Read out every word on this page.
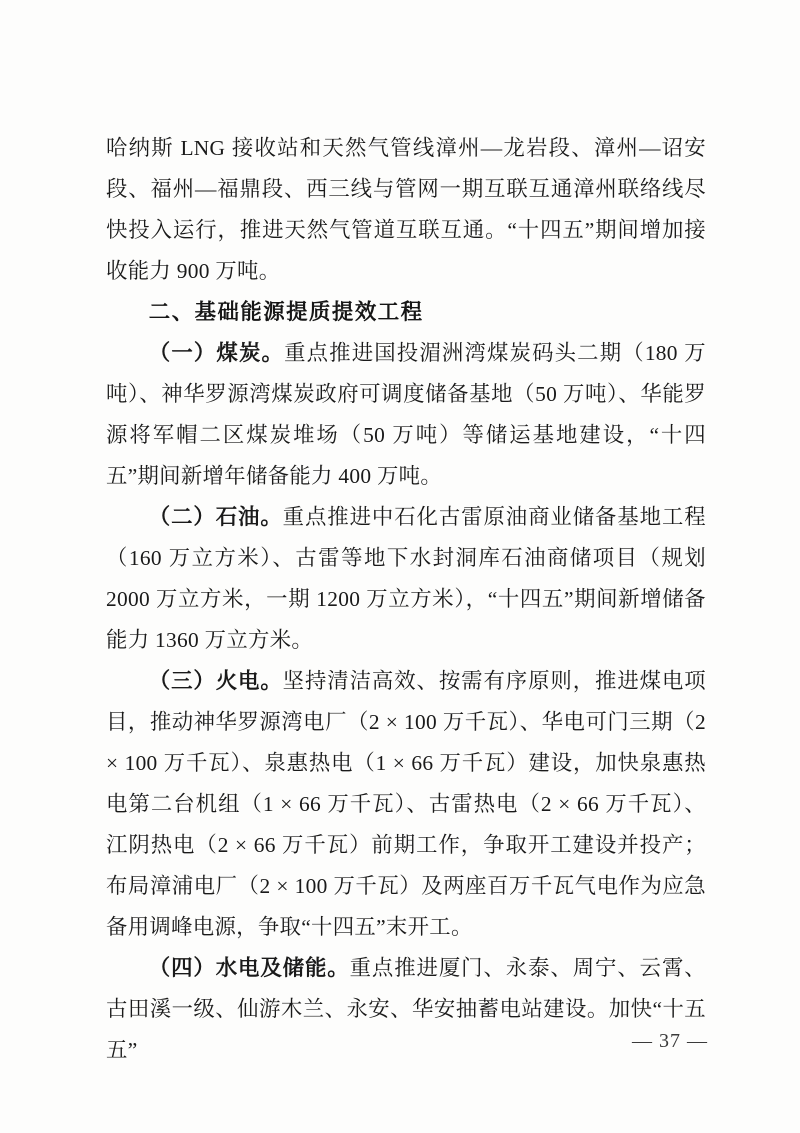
哈纳斯 LNG 接收站和天然气管线漳州—龙岩段、漳州—诏安段、福州—福鼎段、西三线与管网一期互联互通漳州联络线尽快投入运行，推进天然气管道互联互通。“十四五”期间增加接收能力 900 万吨。

二、基础能源提质提效工程

（一）煤炭。重点推进国投湄洲湾煤炭码头二期（180 万吨）、神华罗源湾煤炭政府可调度储备基地（50 万吨）、华能罗源将军帽二区煤炭堆场（50 万吨）等储运基地建设，“十四五”期间新增年储备能力 400 万吨。

（二）石油。重点推进中石化古雷原油商业储备基地工程（160 万立方米）、古雷等地下水封洞库石油商储项目（规划 2000 万立方米，一期 1200 万立方米），“十四五”期间新增储备能力 1360 万立方米。

（三）火电。坚持清洁高效、按需有序原则，推进煤电项目，推动神华罗源湾电厂（2 × 100 万千瓦）、华电可门三期（2 × 100 万千瓦）、泉惠热电（1 × 66 万千瓦）建设，加快泉惠热电第二台机组（1 × 66 万千瓦）、古雷热电（2 × 66 万千瓦）、江阴热电（2 × 66 万千瓦）前期工作，争取开工建设并投产；布局漳浦电厂（2 × 100 万千瓦）及两座百万千瓦气电作为应急备用调峰电源，争取“十四五”末开工。

（四）水电及储能。重点推进厦门、永泰、周宁、云霄、古田溪一级、仙游木兰、永安、华安抽蓄电站建设。加快“十五五”	— 37 —
